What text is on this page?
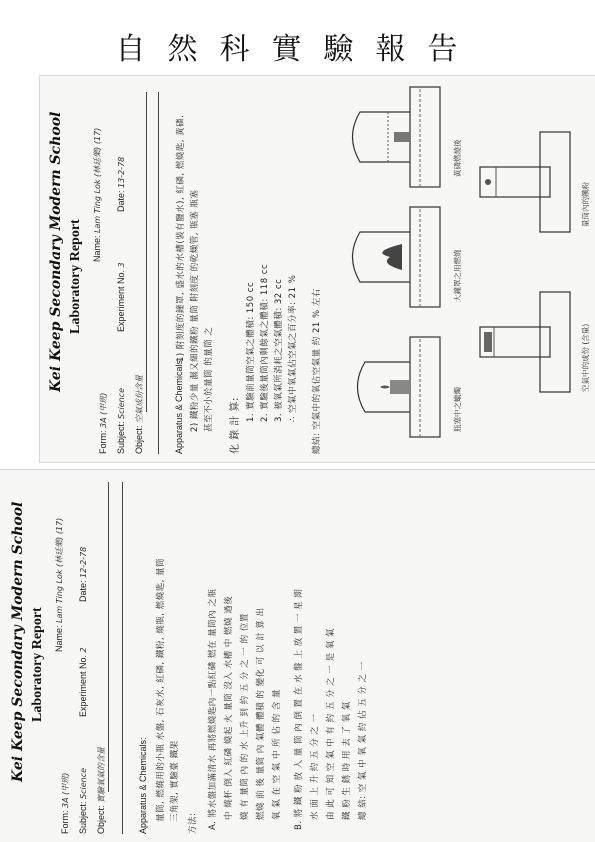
自然科實驗報告
Kei Keep Secondary Modern School Laboratory Report
Form: 3A (甲班)
Name: Lam Ting Lok (林廷樂) (17)
Subject: Science
Experiment No. 3
Date: 13-2-78
Object: 空氣成份含量	Apparatus & Chemicals:
1) 附刻度的鐘罩, 盛水的水槽(裝有鹽水), 紅磷, 燃燒匙, 黃磷. 2) 鐵粉少量 濕又細的鐵粉 量筒 附刻度 的乾燥管, 瓶塞 瓶塞 甚至不小於量筒 的量筒 之	化 錄 計 算:
1. 實驗前量筒空氣之體積: 150 cc 2. 實驗後量筒內剩餘氣之體積: 118 cc 3. 被氧氣所消耗之空氣體積: 32 cc ∴ 空氣中氧氣佔空氣之百分率: 21 % 總結: 空氣中的氧佔空氣量 約 21 % 左右	瓶塞中之蠟燭
大鐘罩之用燃燒
黃磷燃燒後
空氣中的成份 (含量)
量筒內的鐵粉
Kei Keep Secondary Modern School Laboratory Report
Form: 3A (甲班)
Name: Lam Ting Lok (林廷樂) (17)
Subject: Science
Experiment No. 2
Date: 12-2-78
Object: 實驗氧氣的含量	Apparatus & Chemicals: 量筒, 燃燒用的小瓶 水盤, 石灰水, 紅磷, 鐵粉, 燒瓶, 燃燒匙, 量筒 三角架, 實驗臺 鐵架
方法: A. 將水盤加滿清水 再將燃燒匙內一點紅磷 燃在 量筒內 之瓶 中 燒杯 倒入 紅磷 燒起 火 量筒 沒入 水槽 中 燃燒 過後 燒 有 量筒 內 的 水 上升 到 約 五 分 之 一 的 位置 燃燒 前 後 量筒 內 氣體 體積 的 變化 可 以 計 算 出 氧 氣 在 空 氣 中 所 佔 的 含 量 B. 將 鐵 粉 放 入 量 筒 內 倒 置 在 水 盤 上 放 置 一 星 期 水 面 上 升 約 五 分 之 一 由 此 可 知 空 氣 中 有 約 五 分 之 一 是 氧 氣 鐵 粉 生 銹 時 用 去 了 氧 氣 總 結: 空 氣 中 氧 氣 約 佔 五 分 之 一
